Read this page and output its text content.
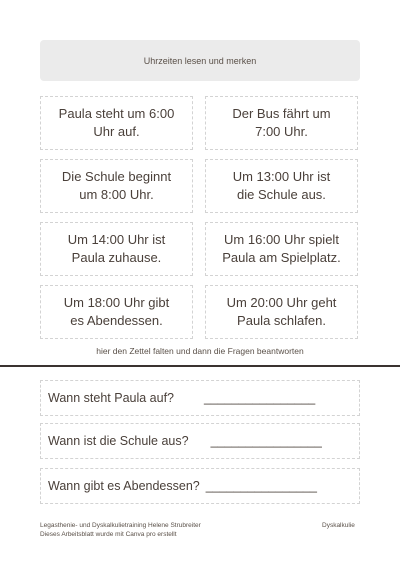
Uhrzeiten lesen und merken
Paula steht um 6:00
Uhr auf.
Der Bus fährt um
7:00 Uhr.
Die Schule beginnt
um 8:00 Uhr.
Um 13:00 Uhr ist
die Schule aus.
Um 14:00 Uhr ist
Paula zuhause.
Um 16:00 Uhr spielt
Paula am Spielplatz.
Um 18:00 Uhr gibt
es Abendessen.
Um 20:00 Uhr geht
Paula schlafen.
hier den Zettel falten und dann die Fragen beantworten
Wann steht Paula auf? ________________
Wann ist die Schule aus? ________________
Wann gibt es Abendessen? ________________
Legasthenie- und Dyskalkulietraining Helene Strubreiter
Dieses Arbeitsblatt wurde mit Canva pro erstellt
Dyskalkulie
